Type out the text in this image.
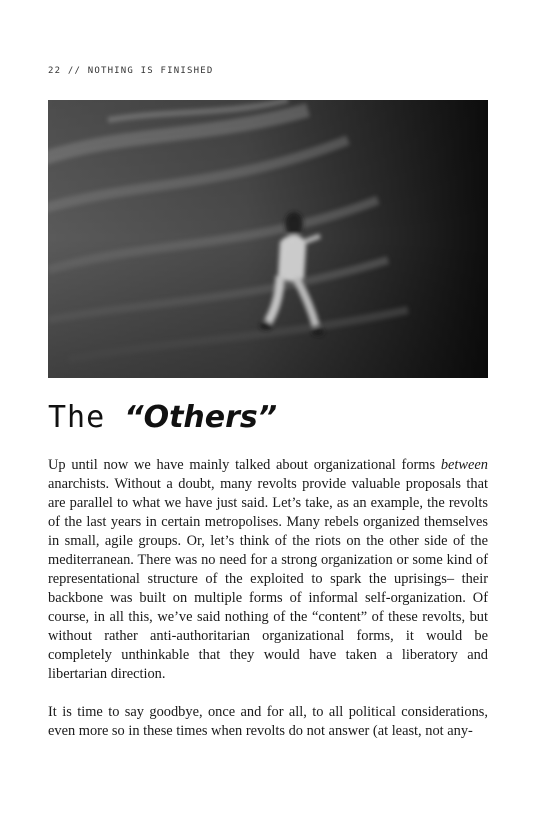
22 // NOTHING IS FINISHED
The “Others”

Up until now we have mainly talked about organizational forms between anarchists. Without a doubt, many revolts provide valuable proposals that are parallel to what we have just said. Let’s take, as an example, the revolts of the last years in certain metropolises. Many rebels organized themselves in small, agile groups. Or, let’s think of the riots on the other side of the mediterranean. There was no need for a strong organization or some kind of representational structure of the exploited to spark the uprisings– their backbone was built on multiple forms of informal self-organization. Of course, in all this, we’ve said nothing of the “content” of these revolts, but without rather anti-authoritarian organizational forms, it would be completely unthinkable that they would have taken a liberatory and libertarian direction.

It is time to say goodbye, once and for all, to all political considerations, even more so in these times when revolts do not answer (at least, not any-
